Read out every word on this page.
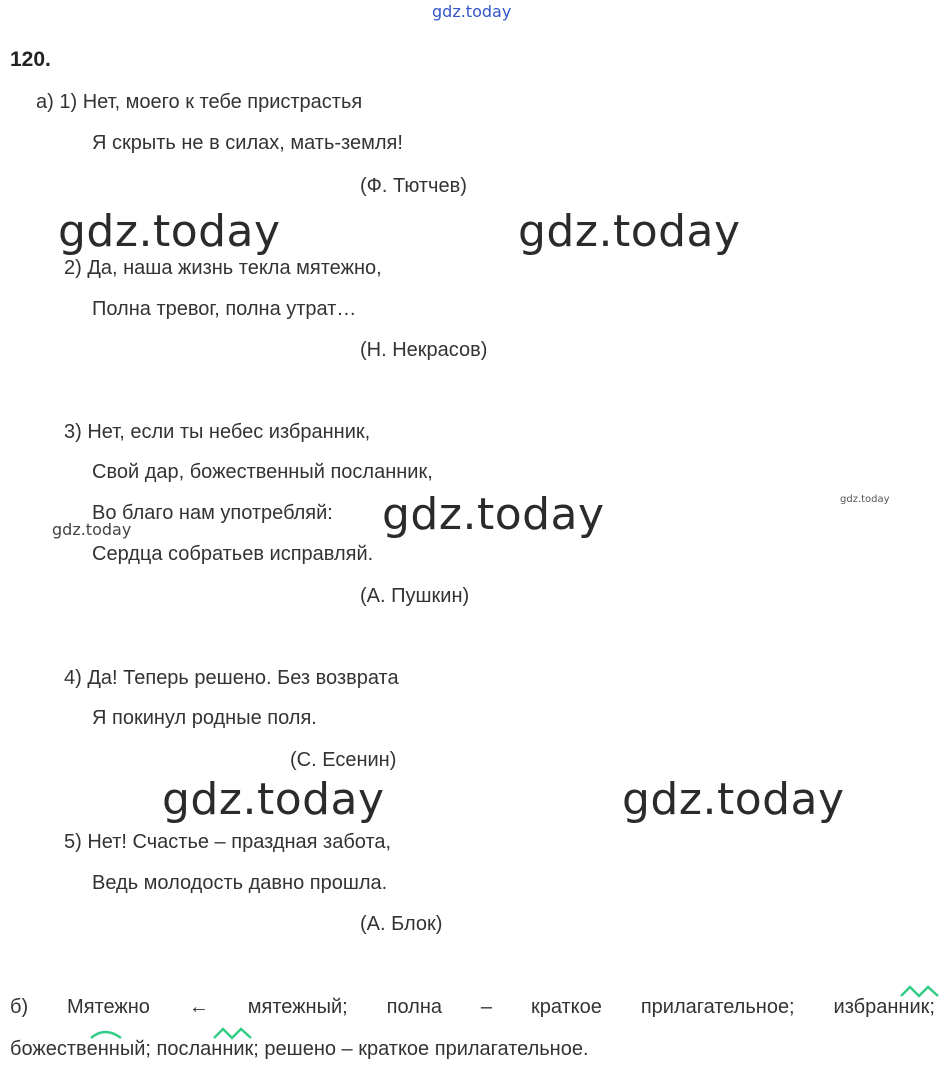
gdz.today
120.
а) 1) Нет, моего к тебе пристрастья
Я скрыть не в силах, мать-земля!
(Ф. Тютчев)
gdz.today	gdz.today
2) Да, наша жизнь текла мятежно,
Полна тревог, полна утрат…
(Н. Некрасов)
3) Нет, если ты небес избранник,
Свой дар, божественный посланник,
Во благо нам употребляй:
Сердца собратьев исправляй.
(А. Пушкин)
gdz.today
gdz.today
gdz.today
4) Да! Теперь решено. Без возврата
Я покинул родные поля.
(С. Есенин)
gdz.today	gdz.today
5) Нет! Счастье – праздная забота,
Ведь молодость давно прошла.
(А. Блок)
б) Мятежно ← мятежный; полна – краткое прилагательное; избран
ник;
божеств
енный; посла
нник; решено – краткое прилагательное.
